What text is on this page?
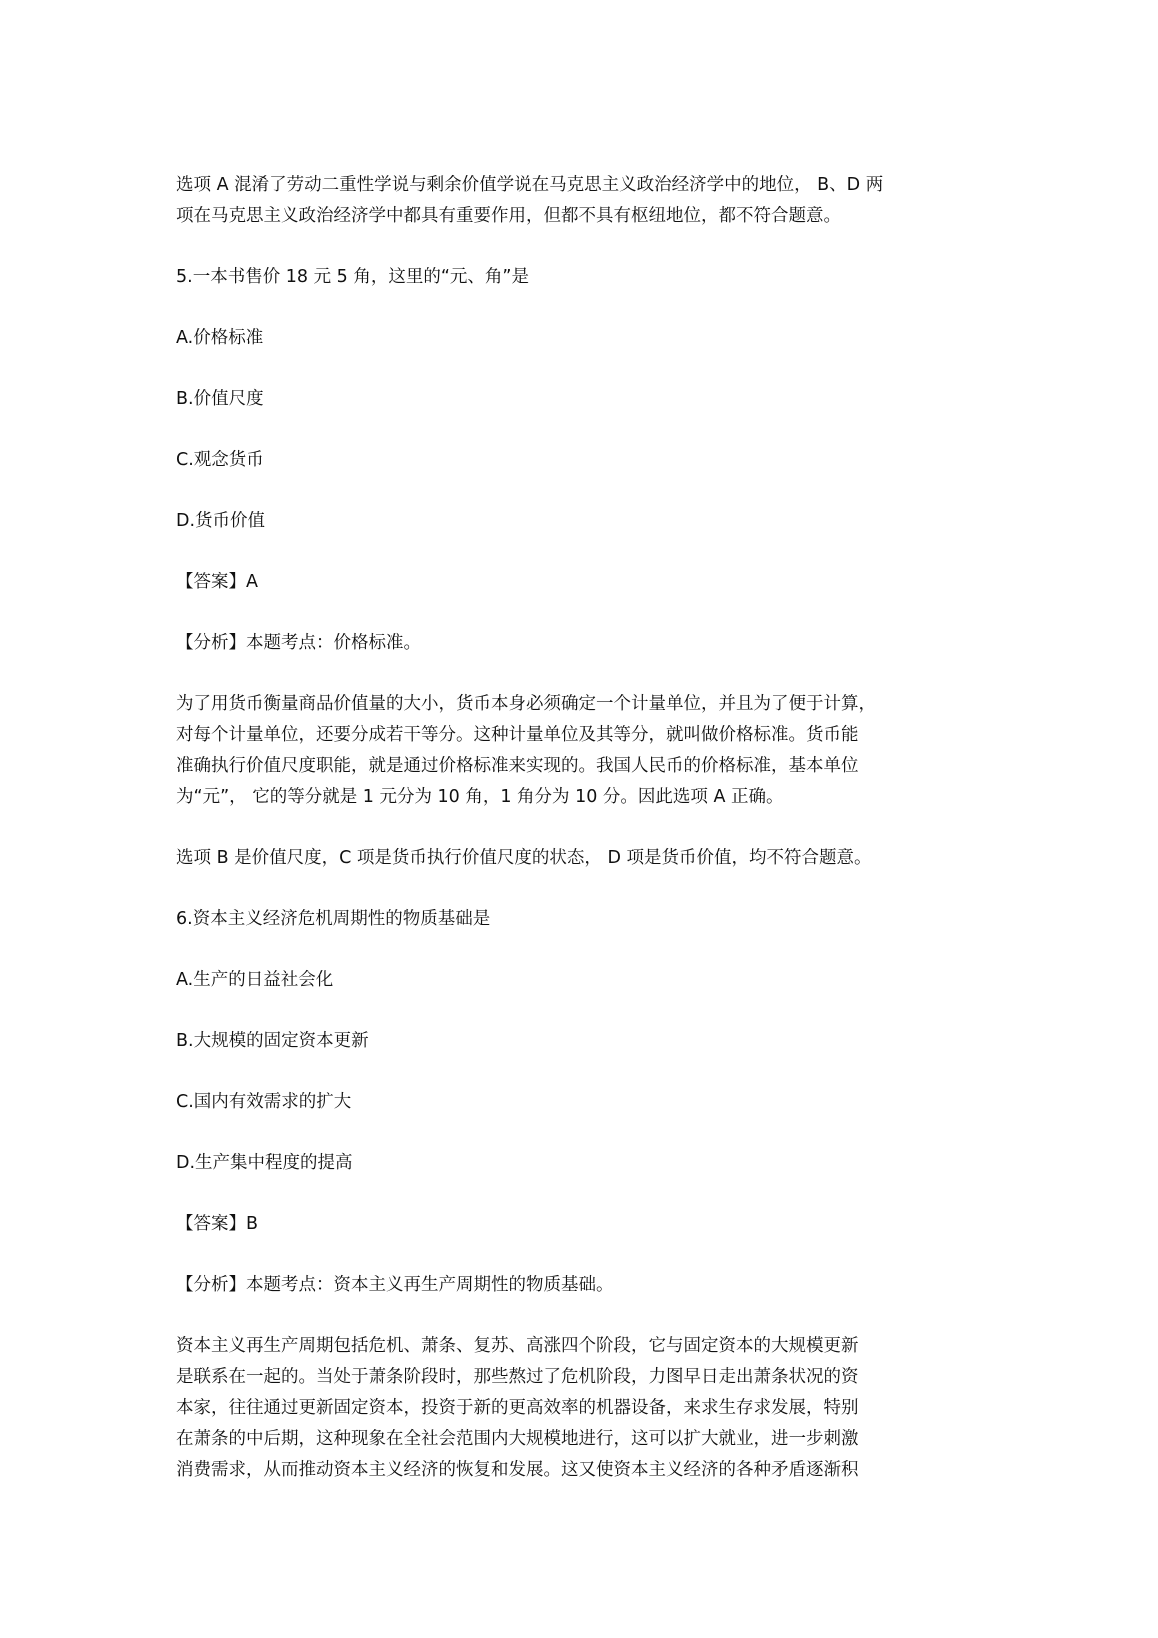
选项 A 混淆了劳动二重性学说与剩余价值学说在马克思主义政治经济学中的地位， B、D 两
项在马克思主义政治经济学中都具有重要作用，但都不具有枢纽地位，都不符合题意。
5.一本书售价 18 元 5 角，这里的“元、角”是
A.价格标准
B.价值尺度
C.观念货币
D.货币价值
【答案】A
【分析】本题考点：价格标准。
为了用货币衡量商品价值量的大小，货币本身必须确定一个计量单位，并且为了便于计算，
对每个计量单位，还要分成若干等分。这种计量单位及其等分，就叫做价格标准。货币能
准确执行价值尺度职能，就是通过价格标准来实现的。我国人民币的价格标准，基本单位
为“元”， 它的等分就是 1 元分为 10 角，1 角分为 10 分。因此选项 A 正确。
选项 B 是价值尺度，C 项是货币执行价值尺度的状态， D 项是货币价值，均不符合题意。
6.资本主义经济危机周期性的物质基础是
A.生产的日益社会化
B.大规模的固定资本更新
C.国内有效需求的扩大
D.生产集中程度的提高
【答案】B
【分析】本题考点：资本主义再生产周期性的物质基础。
资本主义再生产周期包括危机、萧条、复苏、高涨四个阶段，它与固定资本的大规模更新
是联系在一起的。当处于萧条阶段时，那些熬过了危机阶段，力图早日走出萧条状况的资
本家，往往通过更新固定资本，投资于新的更高效率的机器设备，来求生存求发展，特别
在萧条的中后期，这种现象在全社会范围内大规模地进行，这可以扩大就业，进一步刺激
消费需求，从而推动资本主义经济的恢复和发展。这又使资本主义经济的各种矛盾逐渐积
